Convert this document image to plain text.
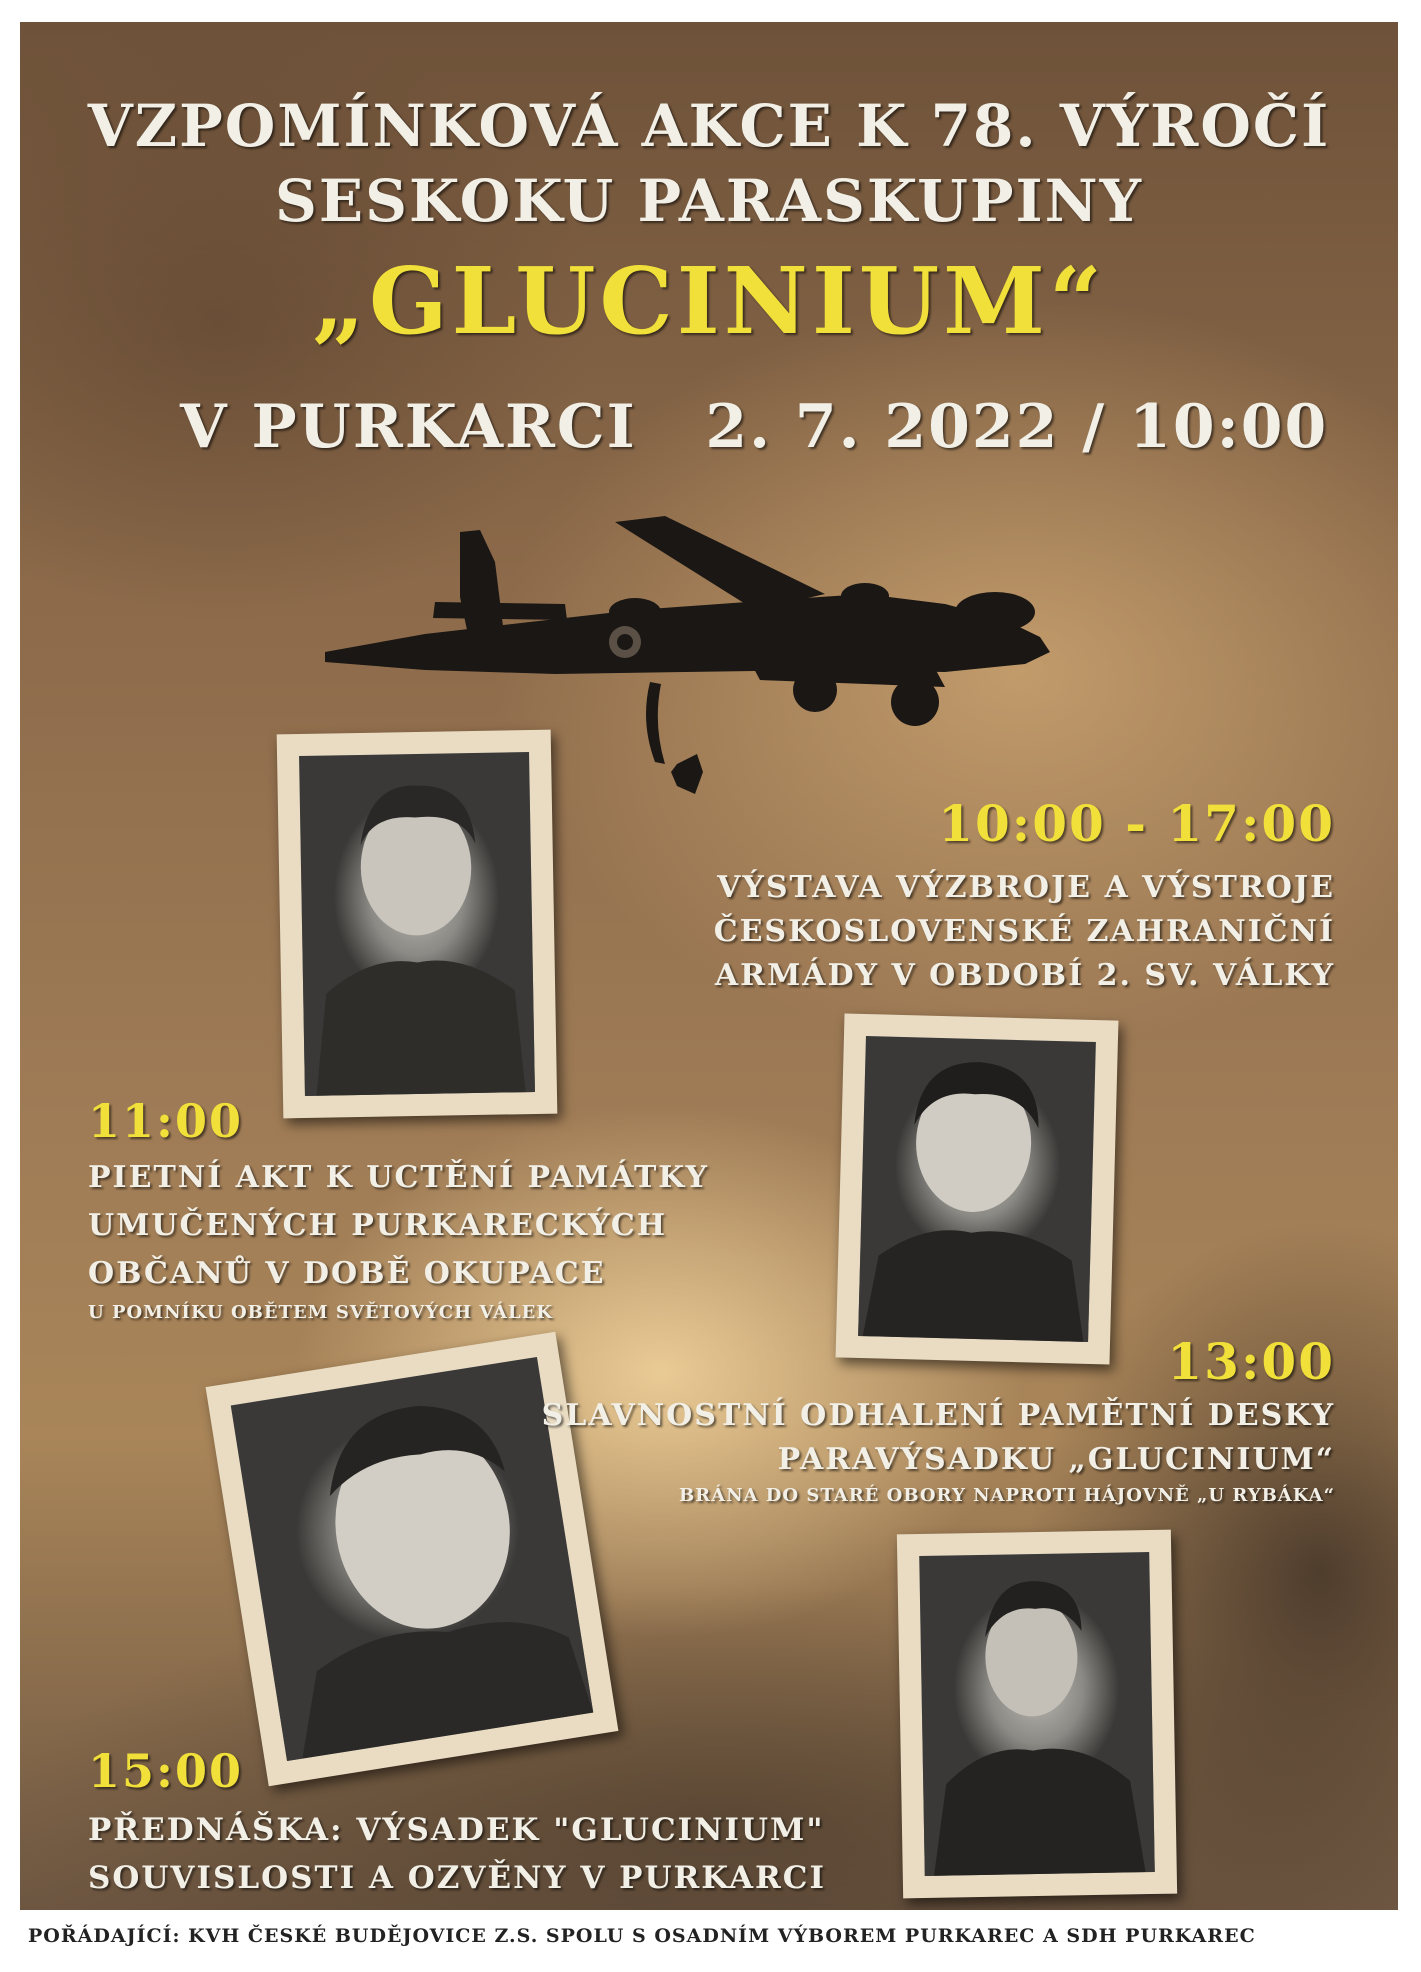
VZPOMÍNKOVÁ AKCE K 78. VÝROČÍ
SESKOKU PARASKUPINY
„GLUCINIUM“
V PURKARCI   2. 7. 2022 / 10:00
10:00 - 17:00
VÝSTAVA VÝZBROJE A VÝSTROJE
ČESKOSLOVENSKÉ ZAHRANIČNÍ
ARMÁDY V OBDOBÍ 2. SV. VÁLKY
11:00
PIETNÍ AKT K UCTĚNÍ PAMÁTKY
UMUČENÝCH PURKARECKÝCH
OBČANŮ V DOBĚ OKUPACE
U POMNÍKU OBĚTEM SVĚTOVÝCH VÁLEK
13:00
SLAVNOSTNÍ ODHALENÍ PAMĚTNÍ DESKY
PARAVÝSADKU „GLUCINIUM“
BRÁNA DO STARÉ OBORY NAPROTI HÁJOVNĚ „U RYBÁKA“
15:00
PŘEDNÁŠKA: VÝSADEK "GLUCINIUM"
SOUVISLOSTI A OZVĚNY V PURKARCI
POŘÁDAJÍCÍ: KVH ČESKÉ BUDĚJOVICE Z.S. SPOLU S OSADNÍM VÝBOREM PURKAREC A SDH PURKAREC
